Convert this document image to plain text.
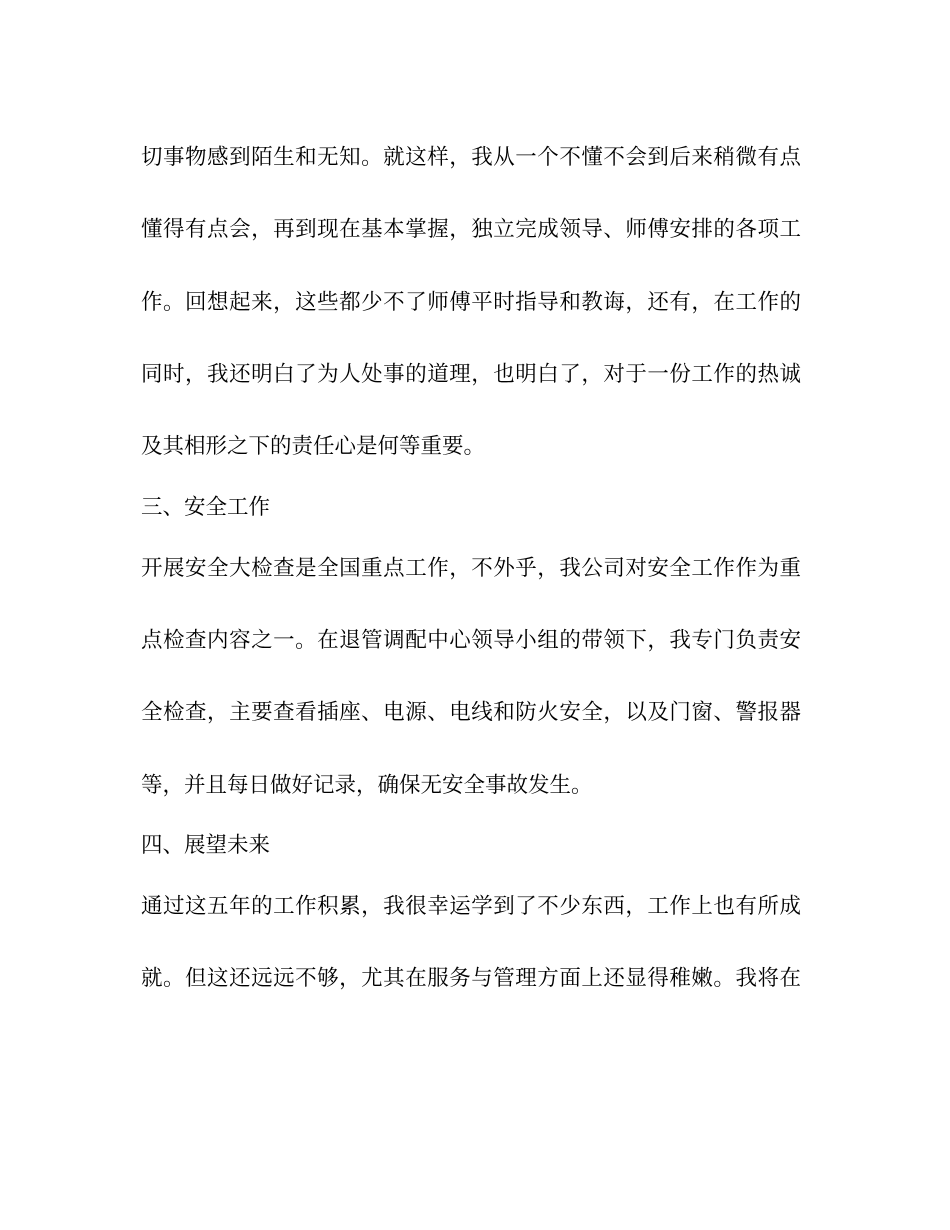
切事物感到陌生和无知。就这样，我从一个不懂不会到后来稍微有点
懂得有点会，再到现在基本掌握，独立完成领导、师傅安排的各项工
作。回想起来，这些都少不了师傅平时指导和教诲，还有，在工作的
同时，我还明白了为人处事的道理，也明白了，对于一份工作的热诚
及其相形之下的责任心是何等重要。
三、安全工作
开展安全大检查是全国重点工作，不外乎，我公司对安全工作作为重
点检查内容之一。在退管调配中心领导小组的带领下，我专门负责安
全检查，主要查看插座、电源、电线和防火安全，以及门窗、警报器
等，并且每日做好记录，确保无安全事故发生。
四、展望未来
通过这五年的工作积累，我很幸运学到了不少东西，工作上也有所成
就。但这还远远不够，尤其在服务与管理方面上还显得稚嫩。我将在
